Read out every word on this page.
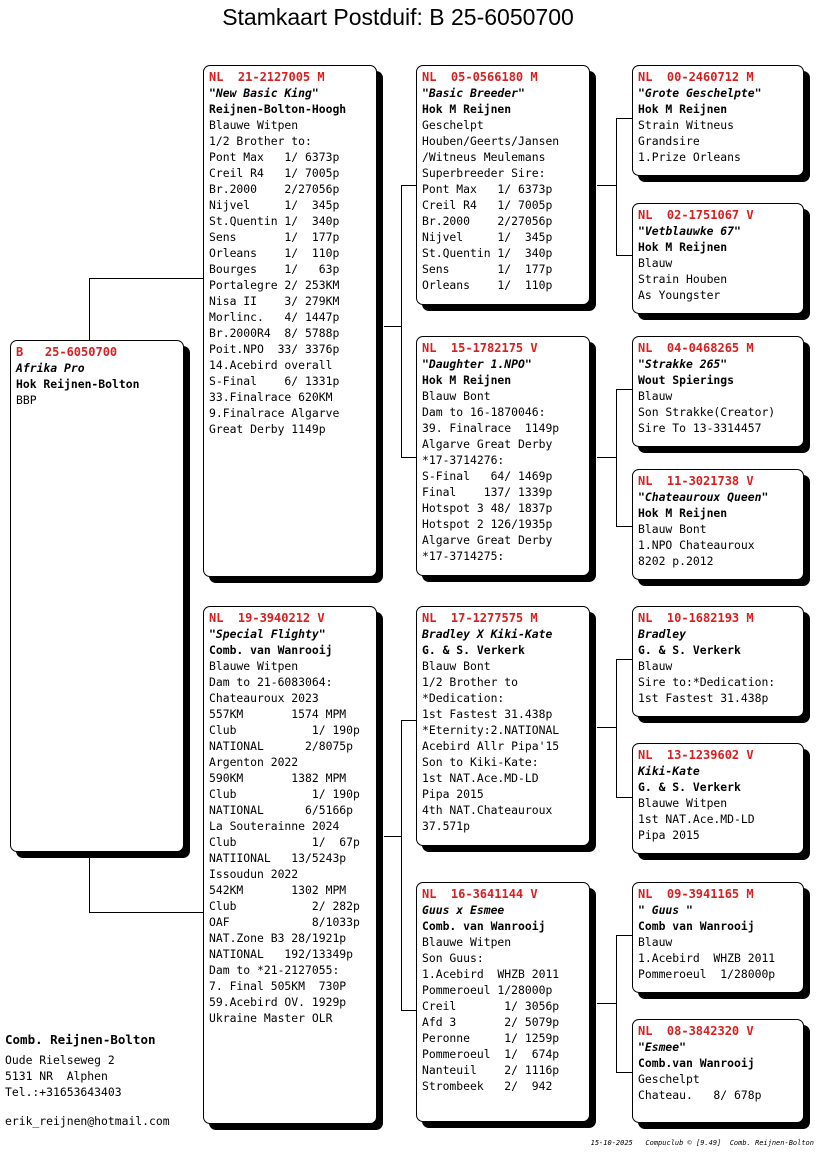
Stamkaart Postduif: B 25-6050700
B   25-6050700
Afrika Pro
Hok Reijnen-Bolton
BBP
NL  21-2127005 M
"New Basic King"
Reijnen-Bolton-Hoogh
Blauwe Witpen
1/2 Brother to:
Pont Max   1/ 6373p
Creil R4   1/ 7005p
Br.2000    2/27056p
Nijvel     1/  345p
St.Quentin 1/  340p
Sens       1/  177p
Orleans    1/  110p
Bourges    1/   63p
Portalegre 2/ 253KM
Nisa II    3/ 279KM
Morlinc.   4/ 1447p
Br.2000R4  8/ 5788p
Poit.NPO  33/ 3376p
14.Acebird overall
S-Final    6/ 1331p
33.Finalrace 620KM
9.Finalrace Algarve
Great Derby 1149p
NL  19-3940212 V
"Special Flighty"
Comb. van Wanrooij
Blauwe Witpen
Dam to 21-6083064:
Chateauroux 2023
557KM       1574 MPM
Club           1/ 190p
NATIONAL      2/8075p
Argenton 2022
590KM       1382 MPM
Club           1/ 190p
NATIONAL      6/5166p
La Souterainne 2024
Club           1/  67p
NATIIONAL   13/5243p
Issoudun 2022
542KM       1302 MPM
Club           2/ 282p
OAF            8/1033p
NAT.Zone B3 28/1921p
NATIONAL   192/13349p
Dam to *21-2127055:
7. Final 505KM  730P
59.Acebird OV. 1929p
Ukraine Master OLR
NL  05-0566180 M
"Basic Breeder"
Hok M Reijnen
Geschelpt
Houben/Geerts/Jansen
/Witneus Meulemans
Superbreeder Sire:
Pont Max   1/ 6373p
Creil R4   1/ 7005p
Br.2000    2/27056p
Nijvel     1/  345p
St.Quentin 1/  340p
Sens       1/  177p
Orleans    1/  110p
NL  15-1782175 V
"Daughter 1.NPO"
Hok M Reijnen
Blauw Bont
Dam to 16-1870046:
39. Finalrace  1149p
Algarve Great Derby
*17-3714276:
S-Final   64/ 1469p
Final    137/ 1339p
Hotspot 3 48/ 1837p
Hotspot 2 126/1935p
Algarve Great Derby
*17-3714275:
NL  17-1277575 M
Bradley X Kiki-Kate
G. & S. Verkerk
Blauw Bont
1/2 Brother to
*Dedication:
1st Fastest 31.438p
*Eternity:2.NATIONAL
Acebird Allr Pipa'15
Son to Kiki-Kate:
1st NAT.Ace.MD-LD
Pipa 2015
4th NAT.Chateauroux
37.571p
NL  16-3641144 V
Guus x Esmee
Comb. van Wanrooij
Blauwe Witpen
Son Guus:
1.Acebird  WHZB 2011
Pommeroeul 1/28000p
Creil       1/ 3056p
Afd 3       2/ 5079p
Peronne     1/ 1259p
Pommeroeul  1/  674p
Nanteuil    2/ 1116p
Strombeek   2/  942
NL  00-2460712 M
"Grote Geschelpte"
Hok M Reijnen
Strain Witneus
Grandsire
1.Prize Orleans
NL  02-1751067 V
"Vetblauwke 67"
Hok M Reijnen
Blauw
Strain Houben
As Youngster
NL  04-0468265 M
"Strakke 265"
Wout Spierings
Blauw
Son Strakke(Creator)
Sire To 13-3314457
NL  11-3021738 V
"Chateauroux Queen"
Hok M Reijnen
Blauw Bont
1.NPO Chateauroux
8202 p.2012
NL  10-1682193 M
Bradley
G. & S. Verkerk
Blauw
Sire to:*Dedication:
1st Fastest 31.438p
NL  13-1239602 V
Kiki-Kate
G. & S. Verkerk
Blauwe Witpen
1st NAT.Ace.MD-LD
Pipa 2015
NL  09-3941165 M
" Guus "
Comb van Wanrooij
Blauw
1.Acebird  WHZB 2011
Pommeroeul  1/28000p
NL  08-3842320 V
"Esmee"
Comb.van Wanrooij
Geschelpt
Chateau.   8/ 678p
Comb. Reijnen-Bolton
Oude Rielseweg 2
5131 NR  Alphen
Tel.:+31653643403
erik_reijnen@hotmail.com
15-10-2025   Compuclub © [9.49]  Comb. Reijnen-Bolton
